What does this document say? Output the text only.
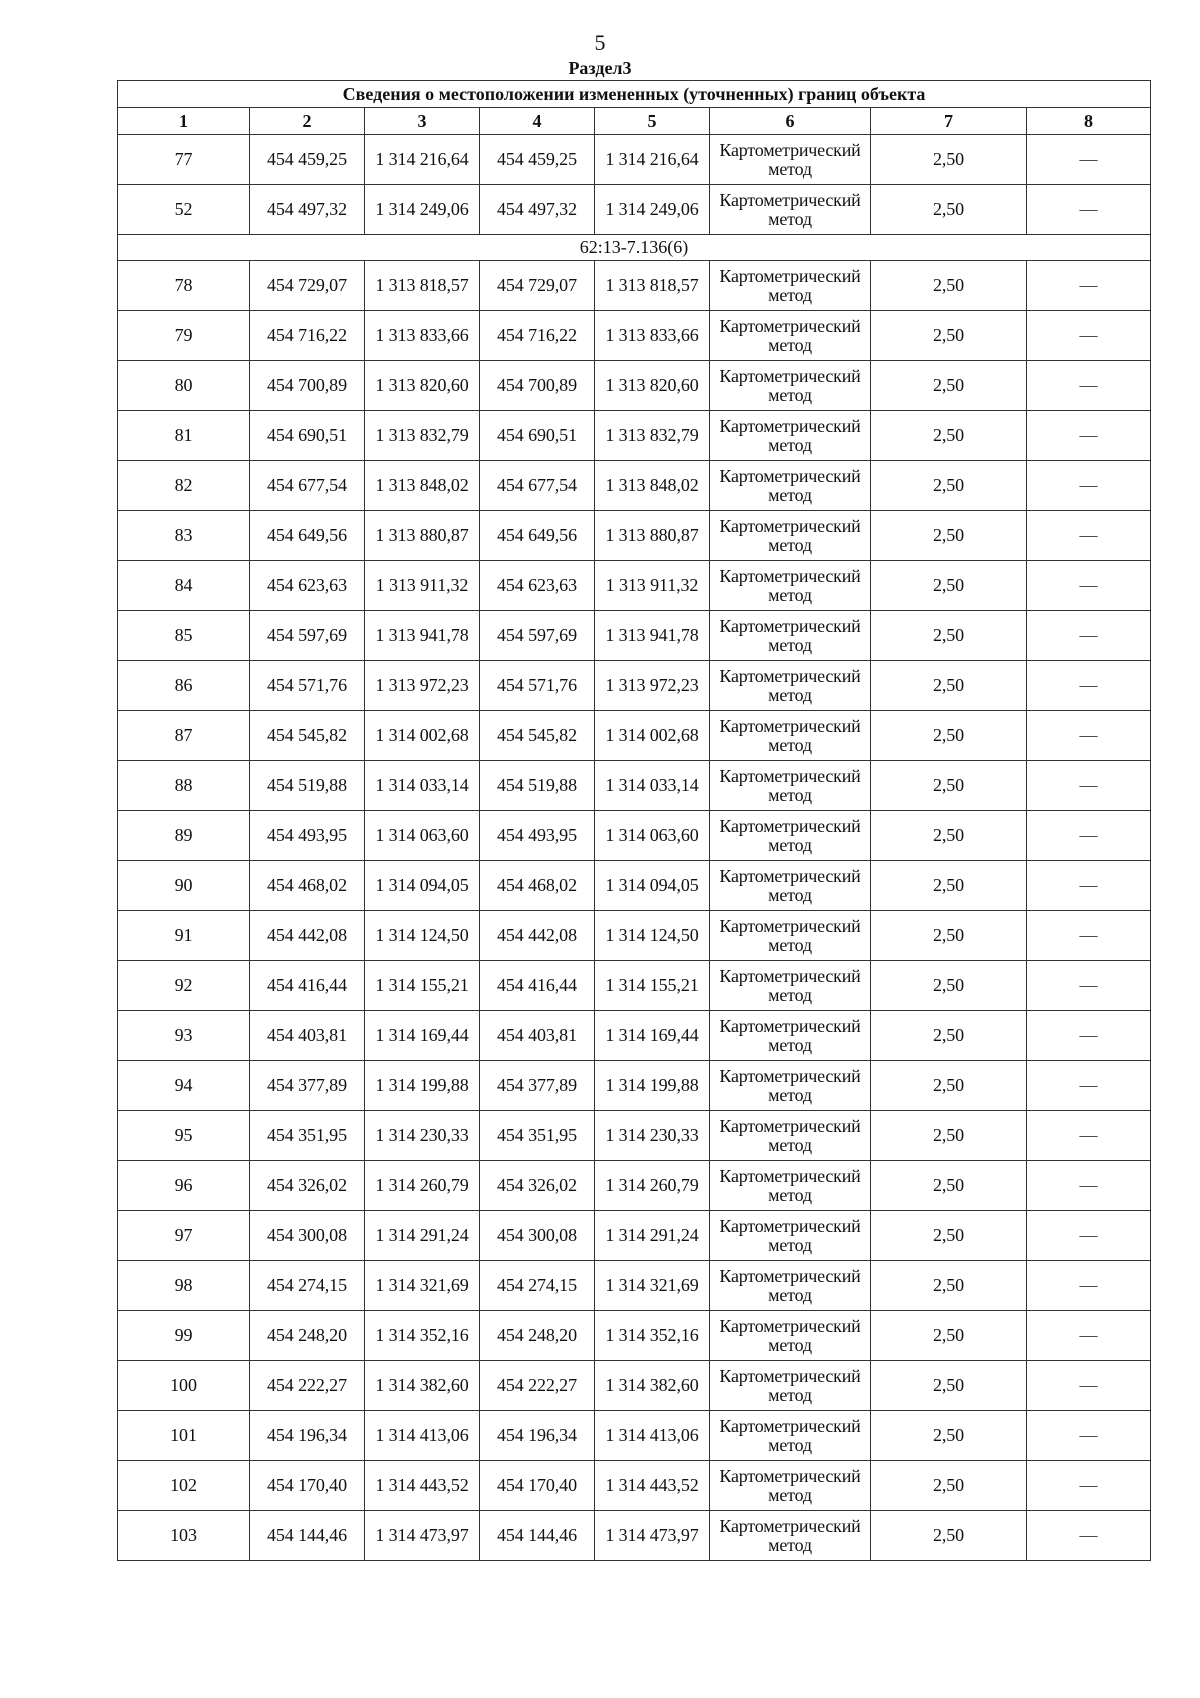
5
Раздел3
Сведения о местоположении измененных (уточненных) границ объекта							
1	2	3	4	5	6	7	8
77	454 459,25	1 314 216,64	454 459,25	1 314 216,64	Картометрический метод	2,50	—
52	454 497,32	1 314 249,06	454 497,32	1 314 249,06	Картометрический метод	2,50	—
62:13-7.136(6)							
78	454 729,07	1 313 818,57	454 729,07	1 313 818,57	Картометрический метод	2,50	—
79	454 716,22	1 313 833,66	454 716,22	1 313 833,66	Картометрический метод	2,50	—
80	454 700,89	1 313 820,60	454 700,89	1 313 820,60	Картометрический метод	2,50	—
81	454 690,51	1 313 832,79	454 690,51	1 313 832,79	Картометрический метод	2,50	—
82	454 677,54	1 313 848,02	454 677,54	1 313 848,02	Картометрический метод	2,50	—
83	454 649,56	1 313 880,87	454 649,56	1 313 880,87	Картометрический метод	2,50	—
84	454 623,63	1 313 911,32	454 623,63	1 313 911,32	Картометрический метод	2,50	—
85	454 597,69	1 313 941,78	454 597,69	1 313 941,78	Картометрический метод	2,50	—
86	454 571,76	1 313 972,23	454 571,76	1 313 972,23	Картометрический метод	2,50	—
87	454 545,82	1 314 002,68	454 545,82	1 314 002,68	Картометрический метод	2,50	—
88	454 519,88	1 314 033,14	454 519,88	1 314 033,14	Картометрический метод	2,50	—
89	454 493,95	1 314 063,60	454 493,95	1 314 063,60	Картометрический метод	2,50	—
90	454 468,02	1 314 094,05	454 468,02	1 314 094,05	Картометрический метод	2,50	—
91	454 442,08	1 314 124,50	454 442,08	1 314 124,50	Картометрический метод	2,50	—
92	454 416,44	1 314 155,21	454 416,44	1 314 155,21	Картометрический метод	2,50	—
93	454 403,81	1 314 169,44	454 403,81	1 314 169,44	Картометрический метод	2,50	—
94	454 377,89	1 314 199,88	454 377,89	1 314 199,88	Картометрический метод	2,50	—
95	454 351,95	1 314 230,33	454 351,95	1 314 230,33	Картометрический метод	2,50	—
96	454 326,02	1 314 260,79	454 326,02	1 314 260,79	Картометрический метод	2,50	—
97	454 300,08	1 314 291,24	454 300,08	1 314 291,24	Картометрический метод	2,50	—
98	454 274,15	1 314 321,69	454 274,15	1 314 321,69	Картометрический метод	2,50	—
99	454 248,20	1 314 352,16	454 248,20	1 314 352,16	Картометрический метод	2,50	—
100	454 222,27	1 314 382,60	454 222,27	1 314 382,60	Картометрический метод	2,50	—
101	454 196,34	1 314 413,06	454 196,34	1 314 413,06	Картометрический метод	2,50	—
102	454 170,40	1 314 443,52	454 170,40	1 314 443,52	Картометрический метод	2,50	—
103	454 144,46	1 314 473,97	454 144,46	1 314 473,97	Картометрический метод	2,50	—
